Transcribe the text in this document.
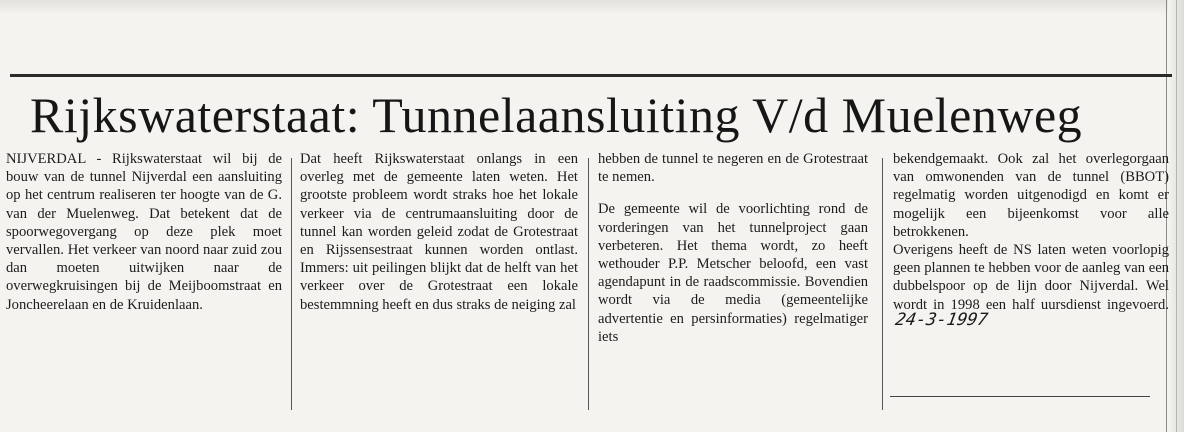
Rijkswaterstaat: Tunnelaansluiting V/d Muelenweg

NIJVERDAL - Rijkswaterstaat wil bij de bouw van de tunnel Nijverdal een aansluiting op het centrum realiseren ter hoogte van de G. van der Muelenweg. Dat betekent dat de spoorwegovergang op deze plek moet vervallen. Het verkeer van noord naar zuid zou dan moeten uitwijken naar de overwegkruisingen bij de Meijboomstraat en Joncheerelaan en de Kruidenlaan.

Dat heeft Rijkswaterstaat onlangs in een overleg met de gemeente laten weten. Het grootste probleem wordt straks hoe het lokale verkeer via de centrumaansluiting door de tunnel kan worden geleid zodat de Grotestraat en Rijssensestraat kunnen worden ontlast. Immers: uit peilingen blijkt dat de helft van het verkeer over de Grotestraat een lokale bestemmning heeft en dus straks de neiging zal

hebben de tunnel te negeren en de Grotestraat te nemen.

De gemeente wil de voorlichting rond de vorderingen van het tunnelproject gaan verbeteren. Het thema wordt, zo heeft wethouder P.P. Metscher beloofd, een vast agendapunt in de raadscommissie. Bovendien wordt via de media (gemeentelijke advertentie en persinformaties) regelmatiger iets

bekendgemaakt. Ook zal het overlegorgaan van omwonenden van de tunnel (BBOT) regelmatig worden uitgenodigd en komt er mogelijk een bijeenkomst voor alle betrokkenen.

Overigens heeft de NS laten weten voorlopig geen plannen te hebben voor de aanleg van een dubbelspoor op de lijn door Nijverdal. Wel wordt in 1998 een half uursdienst ingevoerd.24-3-1997
